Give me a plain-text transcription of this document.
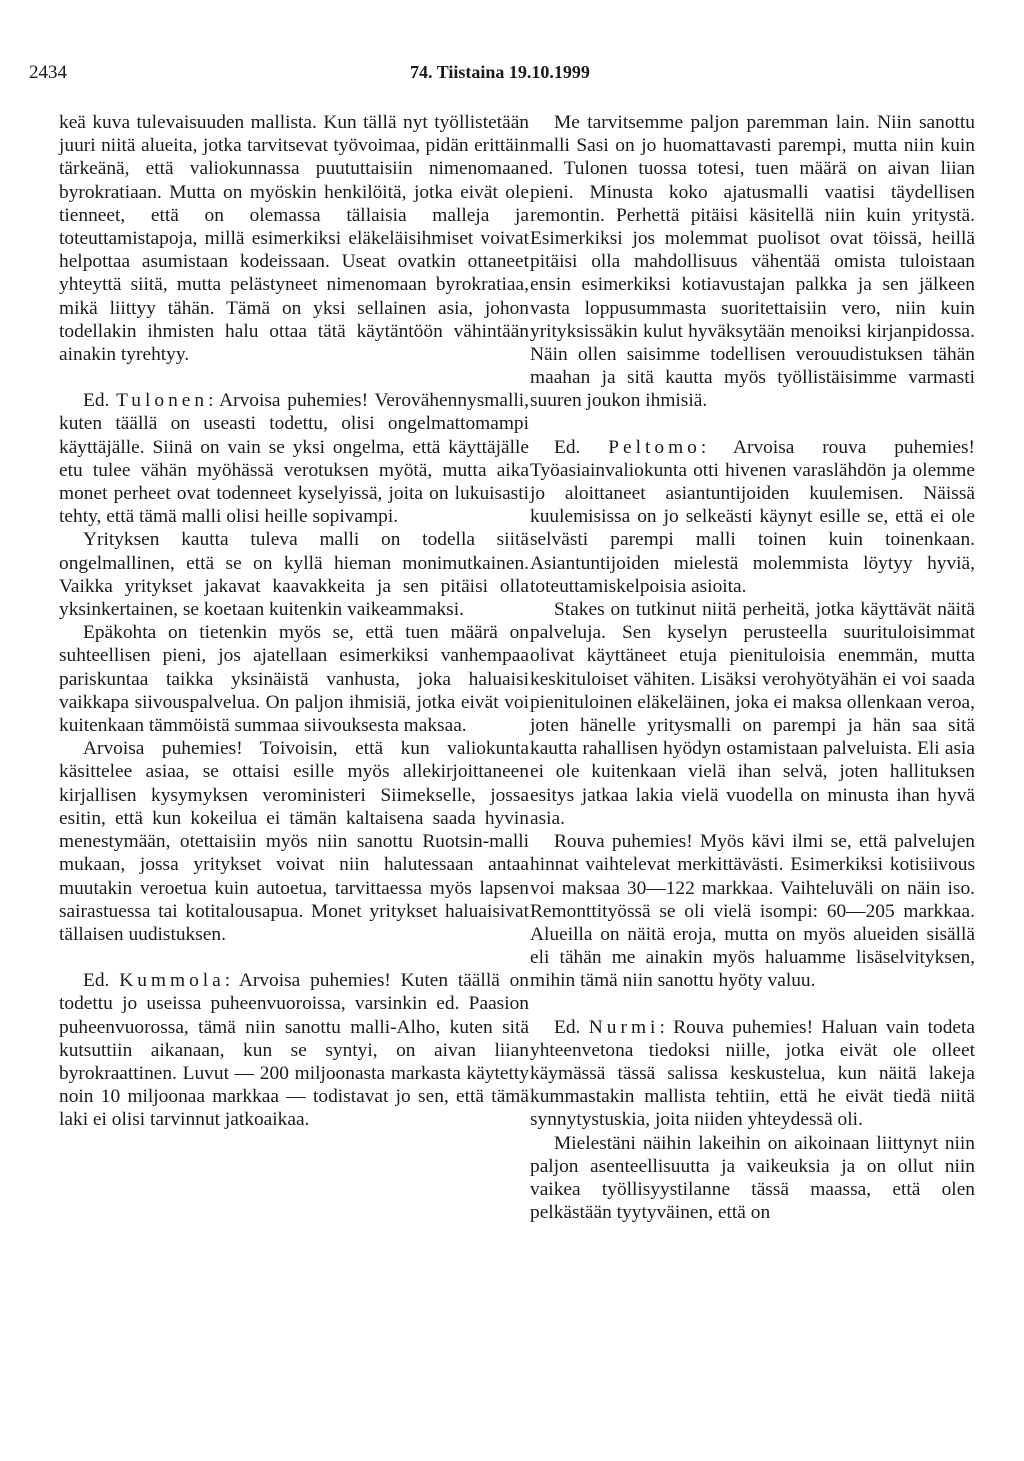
2434	74. Tiistaina 19.10.1999

keä kuva tulevaisuuden mallista. Kun tällä nyt työllistetään juuri niitä alueita, jotka tarvitsevat työvoimaa, pidän erittäin tärkeänä, että valiokunnassa puututtaisiin nimenomaan byrokratiaan. Mutta on myöskin henkilöitä, jotka eivät ole tienneet, että on olemassa tällaisia malleja ja toteuttamistapoja, millä esimerkiksi eläkeläisihmiset voivat helpottaa asumistaan kodeissaan. Useat ovatkin ottaneet yhteyttä siitä, mutta pelästyneet nimenomaan byrokratiaa, mikä liittyy tähän. Tämä on yksi sellainen asia, johon todellakin ihmisten halu ottaa tätä käytäntöön vähintään ainakin tyrehtyy.

Ed. Tulonen: Arvoisa puhemies! Verovähennysmalli, kuten täällä on useasti todettu, olisi ongelmattomampi käyttäjälle. Siinä on vain se yksi ongelma, että käyttäjälle etu tulee vähän myöhässä verotuksen myötä, mutta aika monet perheet ovat todenneet kyselyissä, joita on lukuisasti tehty, että tämä malli olisi heille sopivampi.

Yrityksen kautta tuleva malli on todella siitä ongelmallinen, että se on kyllä hieman monimutkainen. Vaikka yritykset jakavat kaavakkeita ja sen pitäisi olla yksinkertainen, se koetaan kuitenkin vaikeammaksi.

Epäkohta on tietenkin myös se, että tuen määrä on suhteellisen pieni, jos ajatellaan esimerkiksi vanhempaa pariskuntaa taikka yksinäistä vanhusta, joka haluaisi vaikkapa siivouspalvelua. On paljon ihmisiä, jotka eivät voi kuitenkaan tämmöistä summaa siivouksesta maksaa.

Arvoisa puhemies! Toivoisin, että kun valiokunta käsittelee asiaa, se ottaisi esille myös allekirjoittaneen kirjallisen kysymyksen veroministeri Siimekselle, jossa esitin, että kun kokeilua ei tämän kaltaisena saada hyvin menestymään, otettaisiin myös niin sanottu Ruotsin-malli mukaan, jossa yritykset voivat niin halutessaan antaa muutakin veroetua kuin autoetua, tarvittaessa myös lapsen sairastuessa tai kotitalousapua. Monet yritykset haluaisivat tällaisen uudistuksen.

Ed. Kummola: Arvoisa puhemies! Kuten täällä on todettu jo useissa puheenvuoroissa, varsinkin ed. Paasion puheenvuorossa, tämä niin sanottu malli-Alho, kuten sitä kutsuttiin aikanaan, kun se syntyi, on aivan liian byrokraattinen. Luvut — 200 miljoonasta markasta käytetty noin 10 miljoonaa markkaa — todistavat jo sen, että tämä laki ei olisi tarvinnut jatkoaikaa.

Me tarvitsemme paljon paremman lain. Niin sanottu malli Sasi on jo huomattavasti parempi, mutta niin kuin ed. Tulonen tuossa totesi, tuen määrä on aivan liian pieni. Minusta koko ajatusmalli vaatisi täydellisen remontin. Perhettä pitäisi käsitellä niin kuin yritystä. Esimerkiksi jos molemmat puolisot ovat töissä, heillä pitäisi olla mahdollisuus vähentää omista tuloistaan ensin esimerkiksi kotiavustajan palkka ja sen jälkeen vasta loppusummasta suoritettaisiin vero, niin kuin yrityksissäkin kulut hyväksytään menoiksi kirjanpidossa. Näin ollen saisimme todellisen verouudistuksen tähän maahan ja sitä kautta myös työllistäisimme varmasti suuren joukon ihmisiä.

Ed. Peltomo: Arvoisa rouva puhemies! Työasiainvaliokunta otti hivenen varaslähdön ja olemme jo aloittaneet asiantuntijoiden kuulemisen. Näissä kuulemisissa on jo selkeästi käynyt esille se, että ei ole selvästi parempi malli toinen kuin toinenkaan. Asiantuntijoiden mielestä molemmista löytyy hyviä, toteuttamiskelpoisia asioita.

Stakes on tutkinut niitä perheitä, jotka käyttävät näitä palveluja. Sen kyselyn perusteella suurituloisimmat olivat käyttäneet etuja pienituloisia enemmän, mutta keskituloiset vähiten. Lisäksi verohyötyähän ei voi saada pienituloinen eläkeläinen, joka ei maksa ollenkaan veroa, joten hänelle yritysmalli on parempi ja hän saa sitä kautta rahallisen hyödyn ostamistaan palveluista. Eli asia ei ole kuitenkaan vielä ihan selvä, joten hallituksen esitys jatkaa lakia vielä vuodella on minusta ihan hyvä asia.

Rouva puhemies! Myös kävi ilmi se, että palvelujen hinnat vaihtelevat merkittävästi. Esimerkiksi kotisiivous voi maksaa 30—122 markkaa. Vaihteluväli on näin iso. Remonttityössä se oli vielä isompi: 60—205 markkaa. Alueilla on näitä eroja, mutta on myös alueiden sisällä eli tähän me ainakin myös haluamme lisäselvityksen, mihin tämä niin sanottu hyöty valuu.

Ed. Nurmi: Rouva puhemies! Haluan vain todeta yhteenvetona tiedoksi niille, jotka eivät ole olleet käymässä tässä salissa keskustelua, kun näitä lakeja kummastakin mallista tehtiin, että he eivät tiedä niitä synnytystuskia, joita niiden yhteydessä oli.

Mielestäni näihin lakeihin on aikoinaan liittynyt niin paljon asenteellisuutta ja vaikeuksia ja on ollut niin vaikea työllisyystilanne tässä maassa, että olen pelkästään tyytyväinen, että on
